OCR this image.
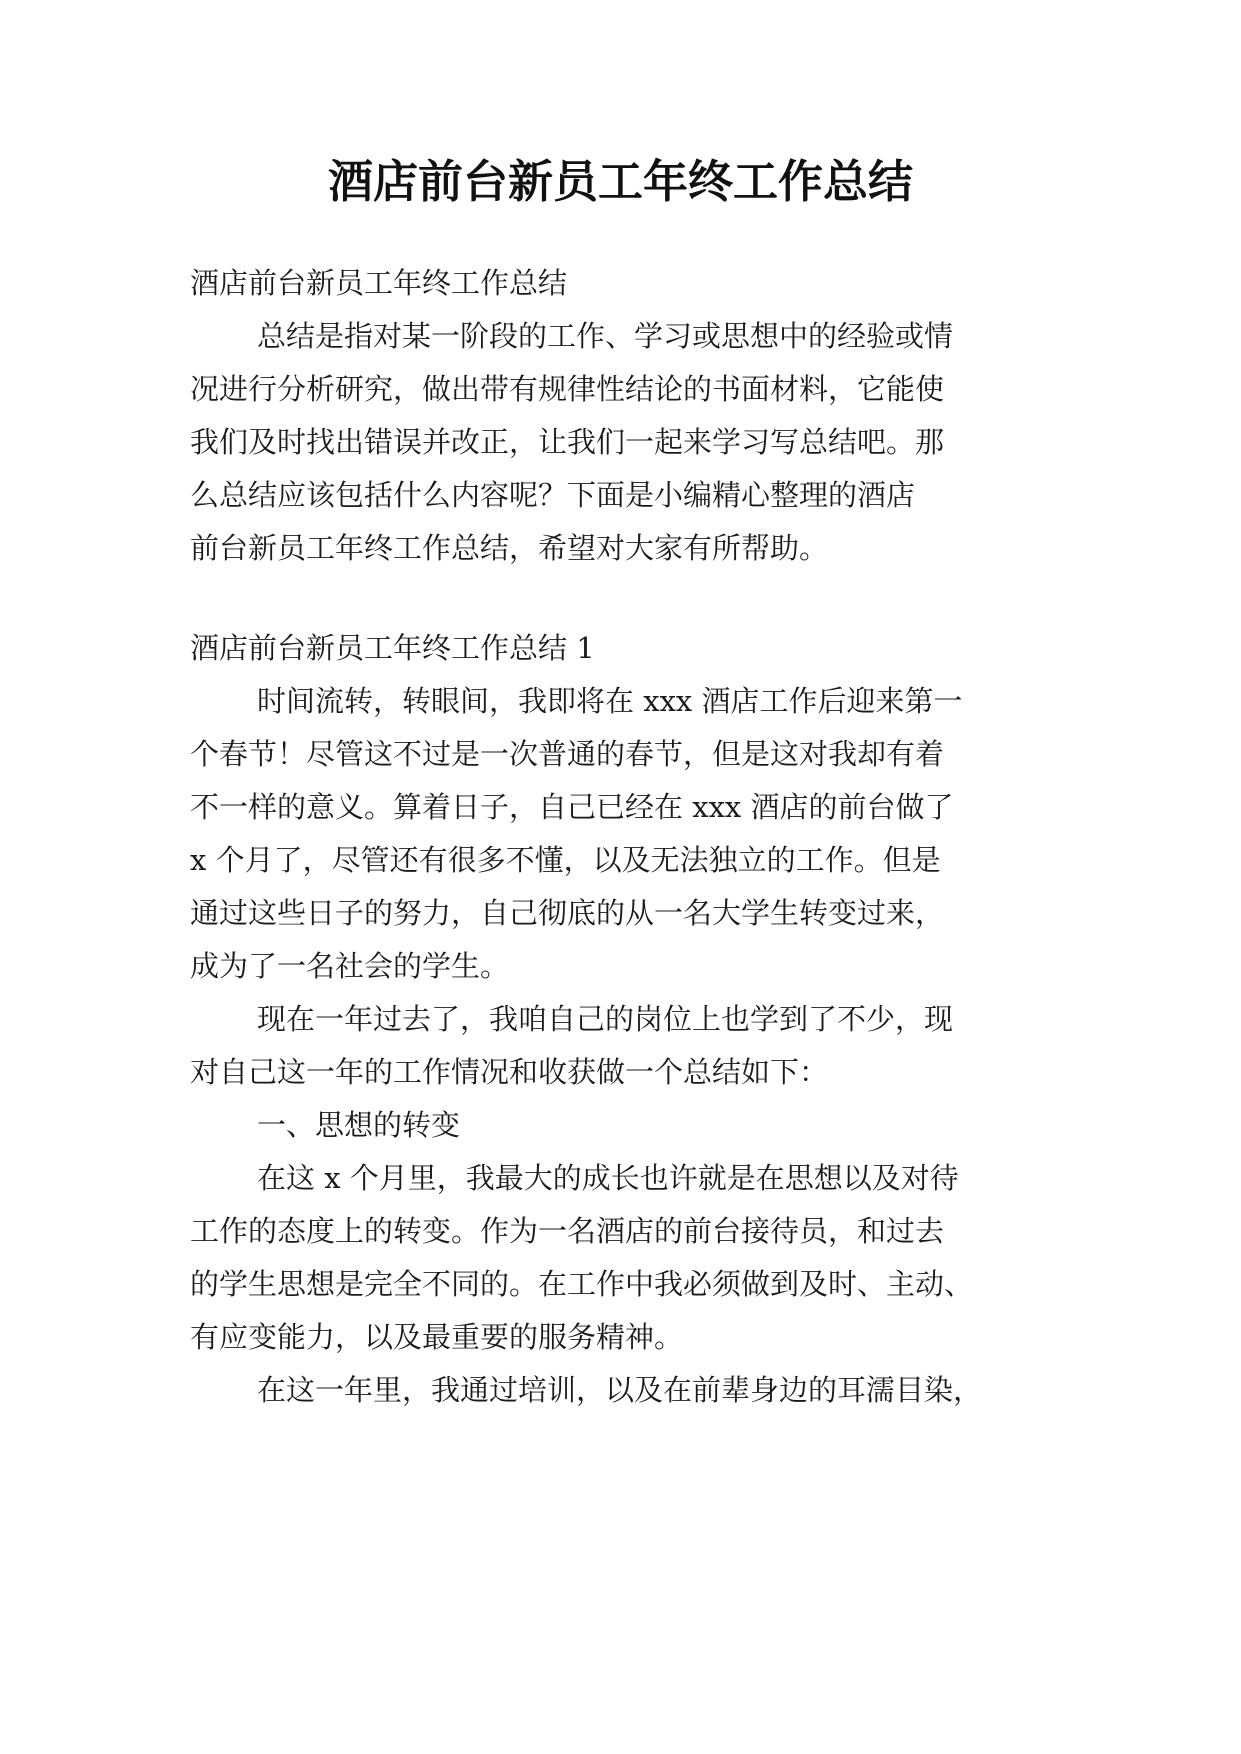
酒店前台新员工年终工作总结

酒店前台新员工年终工作总结

总结是指对某一阶段的工作、学习或思想中的经验或情

况进行分析研究，做出带有规律性结论的书面材料，它能使

我们及时找出错误并改正，让我们一起来学习写总结吧。那

么总结应该包括什么内容呢？下面是小编精心整理的酒店

前台新员工年终工作总结，希望对大家有所帮助。

酒店前台新员工年终工作总结 1

时间流转，转眼间，我即将在 xxx 酒店工作后迎来第一

个春节！尽管这不过是一次普通的春节，但是这对我却有着

不一样的意义。算着日子，自己已经在 xxx 酒店的前台做了

x 个月了，尽管还有很多不懂，以及无法独立的工作。但是

通过这些日子的努力，自己彻底的从一名大学生转变过来，

成为了一名社会的学生。

现在一年过去了，我咱自己的岗位上也学到了不少，现

对自己这一年的工作情况和收获做一个总结如下：

一、思想的转变

在这 x 个月里，我最大的成长也许就是在思想以及对待

工作的态度上的转变。作为一名酒店的前台接待员，和过去

的学生思想是完全不同的。在工作中我必须做到及时、主动、

有应变能力，以及最重要的服务精神。

在这一年里，我通过培训，以及在前辈身边的耳濡目染，
